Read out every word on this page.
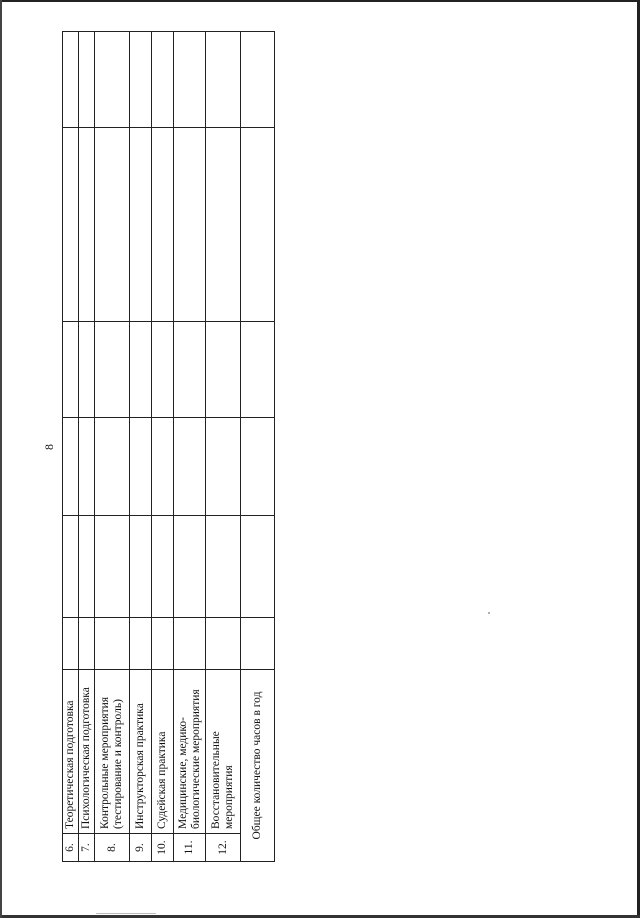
8
6.	Теоретическая подготовка						
7.	Психологическая подготовка						
8.	Контрольные мероприятия (тестирование и контроль)						
9.	Инструкторская практика						
10.	Судейская практика						
11.	Медицинские, медико-биологические мероприятия						
12.	Восстановительные мероприятия						
Общее количество часов в год							
